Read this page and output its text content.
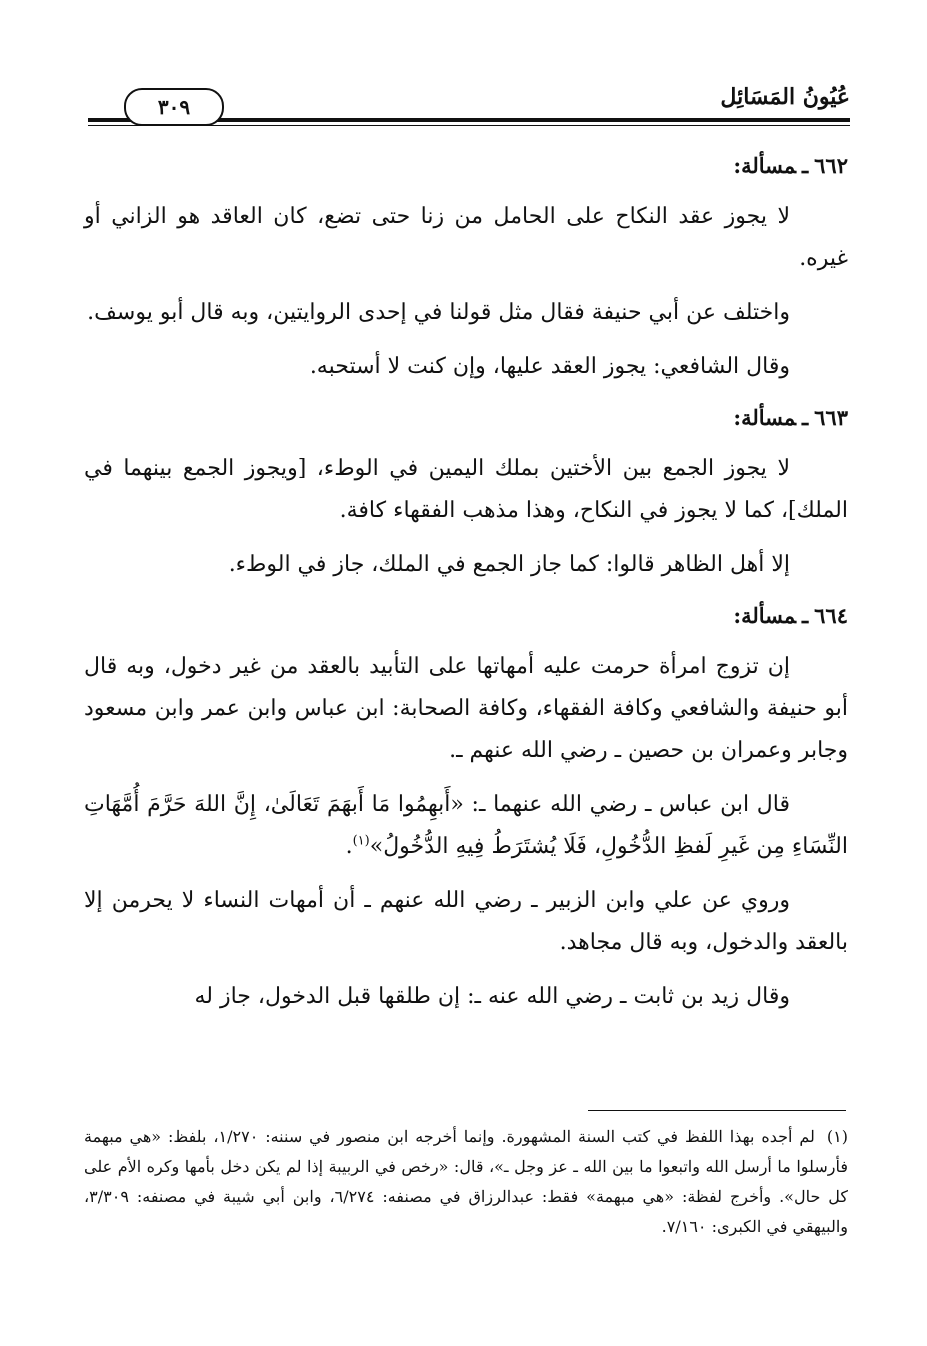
عُيُونُ المَسَائِل
٣٠٩
٦٦٢ـمسألة:

لا يجوز عقد النكاح على الحامل من زنا حتى تضع، كان العاقد هو الزاني أو غيره.

واختلف عن أبي حنيفة فقال مثل قولنا في إحدى الروايتين، وبه قال أبو يوسف.

وقال الشافعي: يجوز العقد عليها، وإن كنت لا أستحبه.

٦٦٣ـمسألة:

لا يجوز الجمع بين الأختين بملك اليمين في الوطء، [ويجوز الجمع بينهما في الملك]، كما لا يجوز في النكاح، وهذا مذهب الفقهاء كافة.

إلا أهل الظاهر قالوا: كما جاز الجمع في الملك، جاز في الوطء.

٦٦٤ـمسألة:

إن تزوج امرأة حرمت عليه أمهاتها على التأبيد بالعقد من غير دخول، وبه قال أبو حنيفة والشافعي وكافة الفقهاء، وكافة الصحابة: ابن عباس وابن عمر وابن مسعود وجابر وعمران بن حصين ـ رضي الله عنهم ـ.

قال ابن عباس ـ رضي الله عنهما ـ: «أَبهِمُوا مَا أَبهَمَ تَعَالَىٰ، إِنَّ اللهَ حَرَّمَ أُمَّهَاتِ النِّسَاءِ مِن غَيرِ لَفظِ الدُّخُولِ، فَلَا يُشتَرَطُ فِيهِ الدُّخُولُ»$^{(١)}$.

وروي عن علي وابن الزبير ـ رضي الله عنهم ـ أن أمهات النساء لا يحرمن إلا بالعقد والدخول، وبه قال مجاهد.

وقال زيد بن ثابت ـ رضي الله عنه ـ: إن طلقها قبل الدخول، جاز له

(١)لم أجده بهذا اللفظ في كتب السنة المشهورة. وإنما أخرجه ابن منصور في سننه: ١/٢٧٠، بلفظ: «هي مبهمة فأرسلوا ما أرسل الله واتبعوا ما بين الله ـ عز وجل ـ»، قال: «رخص في الربيبة إذا لم يكن دخل بأمها وكره الأم على كل حال». وأخرج لفظة: «هي مبهمة» فقط: عبدالرزاق في مصنفه: ٦/٢٧٤، وابن أبي شيبة في مصنفه: ٣/٣٠٩، والبيهقي في الكبرى: ٧/١٦٠.
